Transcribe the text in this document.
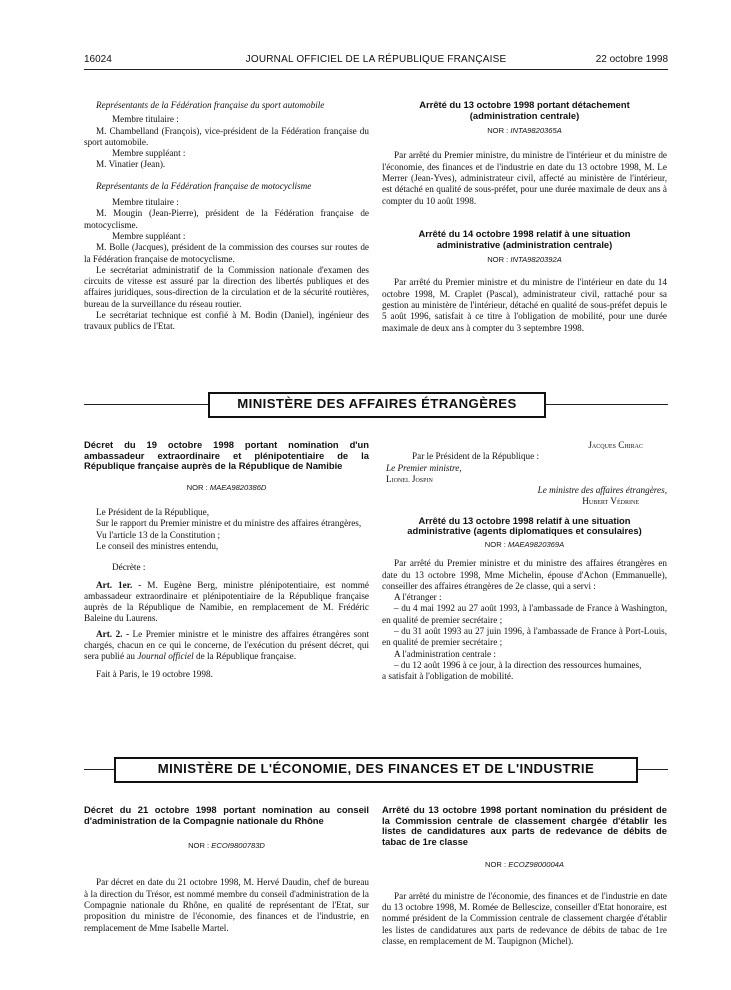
16024	JOURNAL OFFICIEL DE LA RÉPUBLIQUE FRANÇAISE	22 octobre 1998

Représentants de la Fédération française du sport automobile

Membre titulaire :

M. Chambelland (François), vice-président de la Fédération française du sport automobile.

Membre suppléant :

M. Vinatier (Jean).

Représentants de la Fédération française de motocyclisme

Membre titulaire :

M. Mougin (Jean-Pierre), président de la Fédération française de motocyclisme.

Membre suppléant :

M. Bolle (Jacques), président de la commission des courses sur routes de la Fédération française de motocyclisme.

Le secrétariat administratif de la Commission nationale d'examen des circuits de vitesse est assuré par la direction des libertés publiques et des affaires juridiques, sous-direction de la circulation et de la sécurité routières, bureau de la surveillance du réseau routier.

Le secrétariat technique est confié à M. Bodin (Daniel), ingénieur des travaux publics de l'Etat.

Arrêté du 13 octobre 1998 portant détachement (administration centrale)

NOR : INTA9820365A

Par arrêté du Premier ministre, du ministre de l'intérieur et du ministre de l'économie, des finances et de l'industrie en date du 13 octobre 1998, M. Le Merrer (Jean-Yves), administrateur civil, affecté au ministère de l'intérieur, est détaché en qualité de sous-préfet, pour une durée maximale de deux ans à compter du 10 août 1998.

Arrêté du 14 octobre 1998 relatif à une situation administrative (administration centrale)

NOR : INTA9820392A

Par arrêté du Premier ministre et du ministre de l'intérieur en date du 14 octobre 1998, M. Craplet (Pascal), administrateur civil, rattaché pour sa gestion au ministère de l'intérieur, détaché en qualité de sous-préfet depuis le 5 août 1996, satisfait à ce titre à l'obligation de mobilité, pour une durée maximale de deux ans à compter du 3 septembre 1998.

MINISTÈRE DES AFFAIRES ÉTRANGÈRES

Décret du 19 octobre 1998 portant nomination d'un ambassadeur extraordinaire et plénipotentiaire de la République française auprès de la République de Namibie

NOR : MAEA9820386D

Le Président de la République,

Sur le rapport du Premier ministre et du ministre des affaires étrangères,

Vu l'article 13 de la Constitution ;

Le conseil des ministres entendu,

Décrète :

Art. 1er. - M. Eugène Berg, ministre plénipotentiaire, est nommé ambassadeur extraordinaire et plénipotentiaire de la République française auprès de la République de Namibie, en remplacement de M. Frédéric Baleine du Laurens.

Art. 2. - Le Premier ministre et le ministre des affaires étrangères sont chargés, chacun en ce qui le concerne, de l'exécution du présent décret, qui sera publié au Journal officiel de la République française.

Fait à Paris, le 19 octobre 1998.

Jacques Chirac

Par le Président de la République :

Le Premier ministre,

Lionel Jospin

Le ministre des affaires étrangères,

Hubert Védrine

Arrêté du 13 octobre 1998 relatif à une situation administrative (agents diplomatiques et consulaires)

NOR : MAEA9820369A

Par arrêté du Premier ministre et du ministre des affaires étrangères en date du 13 octobre 1998, Mme Michelin, épouse d'Achon (Emmanuelle), conseiller des affaires étrangères de 2e classe, qui a servi :

A l'étranger :

– du 4 mai 1992 au 27 août 1993, à l'ambassade de France à Washington, en qualité de premier secrétaire ;

– du 31 août 1993 au 27 juin 1996, à l'ambassade de France à Port-Louis, en qualité de premier secrétaire ;

A l'administration centrale :

– du 12 août 1996 à ce jour, à la direction des ressources humaines,

a satisfait à l'obligation de mobilité.

MINISTÈRE DE L'ÉCONOMIE, DES FINANCES ET DE L'INDUSTRIE

Décret du 21 octobre 1998 portant nomination au conseil d'administration de la Compagnie nationale du Rhône

NOR : ECOI9800783D

Par décret en date du 21 octobre 1998, M. Hervé Daudin, chef de bureau à la direction du Trésor, est nommé membre du conseil d'administration de la Compagnie nationale du Rhône, en qualité de représentant de l'Etat, sur proposition du ministre de l'économie, des finances et de l'industrie, en remplacement de Mme Isabelle Martel.

Arrêté du 13 octobre 1998 portant nomination du président de la Commission centrale de classement chargée d'établir les listes de candidatures aux parts de redevance de débits de tabac de 1re classe

NOR : ECOZ9800004A

Par arrêté du ministre de l'économie, des finances et de l'industrie en date du 13 octobre 1998, M. Romée de Bellescize, conseiller d'Etat honoraire, est nommé président de la Commission centrale de classement chargée d'établir les listes de candidatures aux parts de redevance de débits de tabac de 1re classe, en remplacement de M. Taupignon (Michel).
